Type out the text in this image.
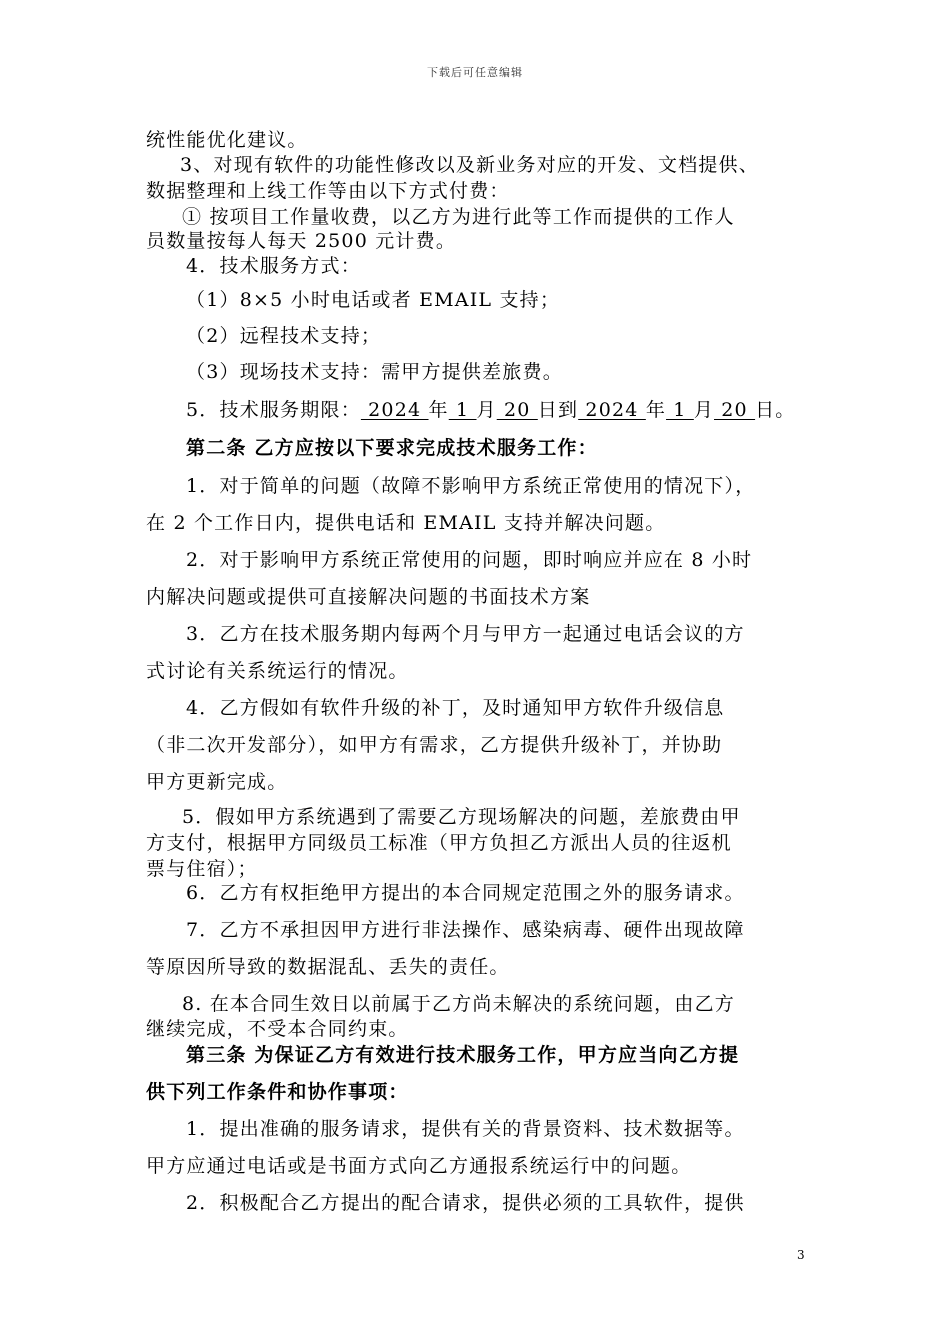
下载后可任意编辑
统性能优化建议。
3、对现有软件的功能性修改以及新业务对应的开发、文档提供、
数据整理和上线工作等由以下方式付费：
① 按项目工作量收费，以乙方为进行此等工作而提供的工作人
员数量按每人每天 2500 元计费。
4．技术服务方式：
（1）8×5 小时电话或者 EMAIL 支持；
（2）远程技术支持；
（3）现场技术支持：需甲方提供差旅费。
5．技术服务期限： 2024 年 1 月 20 日到 2024 年 1 月 20 日。
第二条 乙方应按以下要求完成技术服务工作：
1．对于简单的问题（故障不影响甲方系统正常使用的情况下），
在 2 个工作日内，提供电话和 EMAIL 支持并解决问题。
2．对于影响甲方系统正常使用的问题，即时响应并应在 8 小时
内解决问题或提供可直接解决问题的书面技术方案
3．乙方在技术服务期内每两个月与甲方一起通过电话会议的方
式讨论有关系统运行的情况。
4．乙方假如有软件升级的补丁，及时通知甲方软件升级信息
（非二次开发部分），如甲方有需求，乙方提供升级补丁，并协助
甲方更新完成。
5．假如甲方系统遇到了需要乙方现场解决的问题，差旅费由甲
方支付，根据甲方同级员工标准（甲方负担乙方派出人员的往返机
票与住宿）；
6．乙方有权拒绝甲方提出的本合同规定范围之外的服务请求。
7．乙方不承担因甲方进行非法操作、感染病毒、硬件出现故障
等原因所导致的数据混乱、丢失的责任。
8. 在本合同生效日以前属于乙方尚未解决的系统问题，由乙方
继续完成，不受本合同约束。
第三条 为保证乙方有效进行技术服务工作，甲方应当向乙方提
供下列工作条件和协作事项：
1．提出准确的服务请求，提供有关的背景资料、技术数据等。
甲方应通过电话或是书面方式向乙方通报系统运行中的问题。
2．积极配合乙方提出的配合请求，提供必须的工具软件，提供
3
